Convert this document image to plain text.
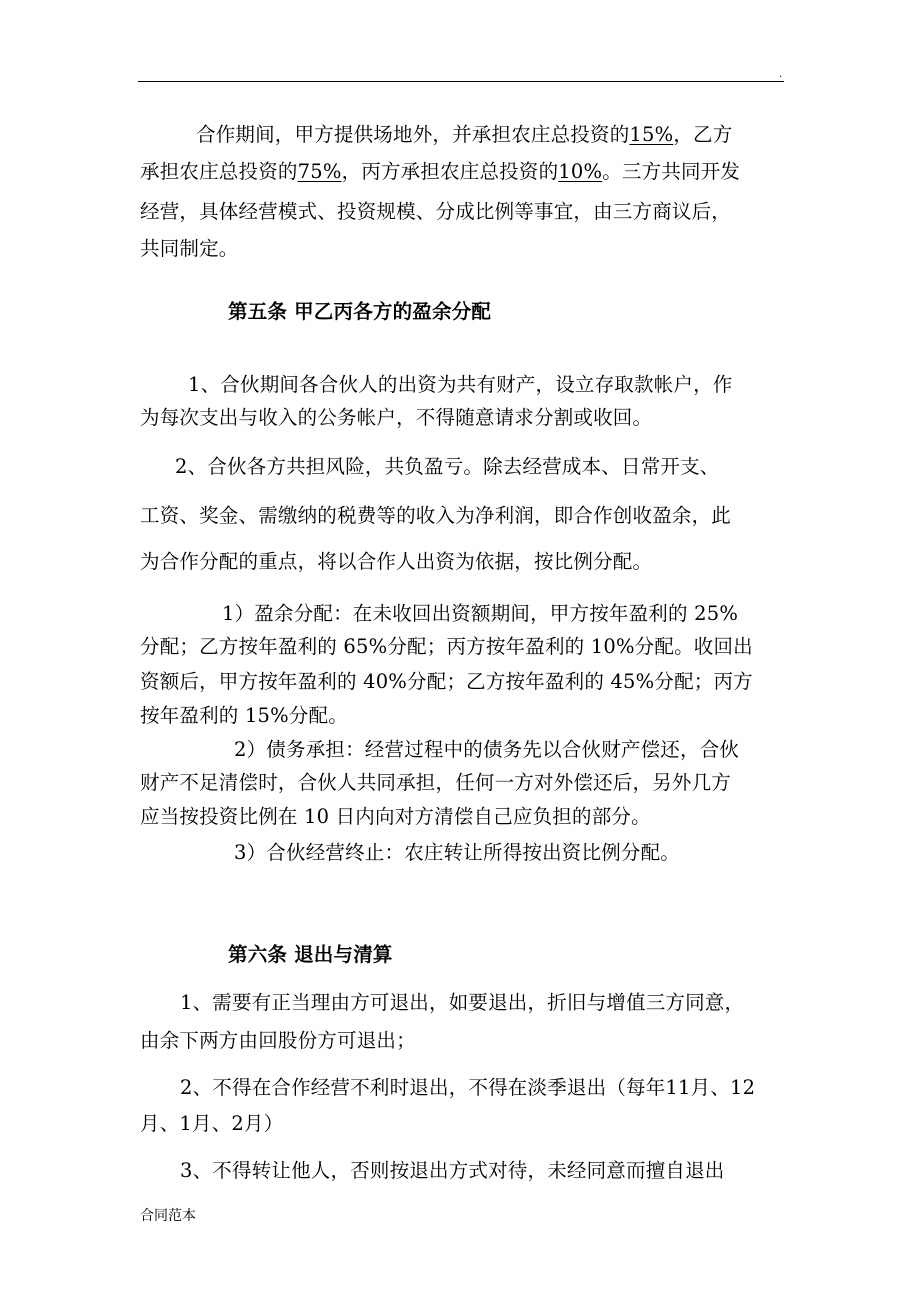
.
合作期间，甲方提供场地外，并承担农庄总投资的15%，乙方
承担农庄总投资的75%，丙方承担农庄总投资的10%。三方共同开发
经营，具体经营模式、投资规模、分成比例等事宜，由三方商议后，
共同制定。
第五条 甲乙丙各方的盈余分配
1、合伙期间各合伙人的出资为共有财产，设立存取款帐户，作
为每次支出与收入的公务帐户，不得随意请求分割或收回。
2、合伙各方共担风险，共负盈亏。除去经营成本、日常开支、
工资、奖金、需缴纳的税费等的收入为净利润，即合作创收盈余，此
为合作分配的重点，将以合作人出资为依据，按比例分配。
1）盈余分配：在未收回出资额期间，甲方按年盈利的 25%
分配；乙方按年盈利的 65%分配；丙方按年盈利的 10%分配。收回出
资额后，甲方按年盈利的 40%分配；乙方按年盈利的 45%分配；丙方
按年盈利的 15%分配。
2）债务承担：经营过程中的债务先以合伙财产偿还，合伙
财产不足清偿时，合伙人共同承担，任何一方对外偿还后，另外几方
应当按投资比例在 10 日内向对方清偿自己应负担的部分。
3）合伙经营终止：农庄转让所得按出资比例分配。
第六条 退出与清算
1、需要有正当理由方可退出，如要退出，折旧与增值三方同意，
由余下两方由回股份方可退出；
2、不得在合作经营不利时退出，不得在淡季退出（每年11月、12
月、1月、2月）
3、不得转让他人，否则按退出方式对待，未经同意而擅自退出
合同范本
